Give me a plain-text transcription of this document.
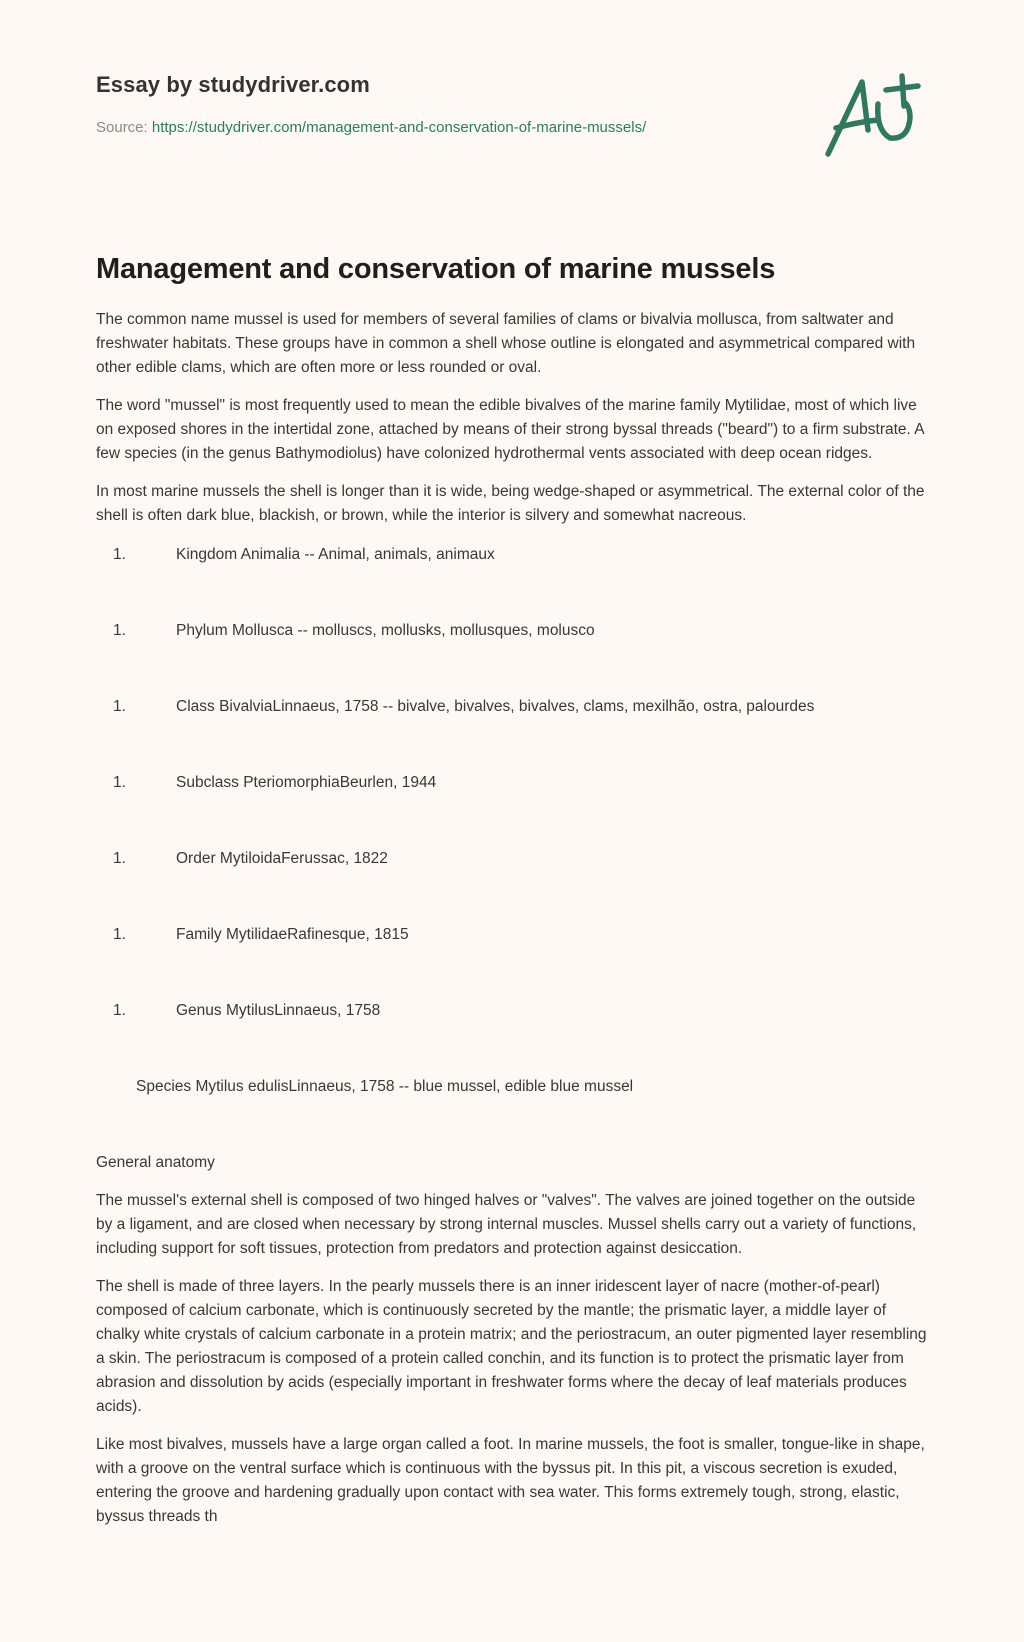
Essay by studydriver.com
Source: https://studydriver.com/management-and-conservation-of-marine-mussels/
Management and conservation of marine mussels

The common name mussel is used for members of several families of clams or bivalvia mollusca, from saltwater and freshwater habitats. These groups have in common a shell whose outline is elongated and asymmetrical compared with other edible clams, which are often more or less rounded or oval.

The word "mussel" is most frequently used to mean the edible bivalves of the marine family Mytilidae, most of which live on exposed shores in the intertidal zone, attached by means of their strong byssal threads ("beard") to a firm substrate. A few species (in the genus Bathymodiolus) have colonized hydrothermal vents associated with deep ocean ridges.

In most marine mussels the shell is longer than it is wide, being wedge-shaped or asymmetrical. The external color of the shell is often dark blue, blackish, or brown, while the interior is silvery and somewhat nacreous.

1.	Kingdom Animalia -- Animal, animals, animaux
1.	Phylum Mollusca -- molluscs, mollusks, mollusques, molusco
1.	Class BivalviaLinnaeus, 1758 -- bivalve, bivalves, bivalves, clams, mexilhão, ostra, palourdes
1.	Subclass PteriomorphiaBeurlen, 1944
1.	Order MytiloidaFerussac, 1822
1.	Family MytilidaeRafinesque, 1815
1.	Genus MytilusLinnaeus, 1758
Species Mytilus edulisLinnaeus, 1758 -- blue mussel, edible blue mussel
General anatomy

The mussel's external shell is composed of two hinged halves or "valves". The valves are joined together on the outside by a ligament, and are closed when necessary by strong internal muscles. Mussel shells carry out a variety of functions, including support for soft tissues, protection from predators and protection against desiccation.

The shell is made of three layers. In the pearly mussels there is an inner iridescent layer of nacre (mother-of-pearl) composed of calcium carbonate, which is continuously secreted by the mantle; the prismatic layer, a middle layer of chalky white crystals of calcium carbonate in a protein matrix; and the periostracum, an outer pigmented layer resembling a skin. The periostracum is composed of a protein called conchin, and its function is to protect the prismatic layer from abrasion and dissolution by acids (especially important in freshwater forms where the decay of leaf materials produces acids).

Like most bivalves, mussels have a large organ called a foot. In marine mussels, the foot is smaller, tongue-like in shape, with a groove on the ventral surface which is continuous with the byssus pit. In this pit, a viscous secretion is exuded, entering the groove and hardening gradually upon contact with sea water. This forms extremely tough, strong, elastic, byssus threads th
